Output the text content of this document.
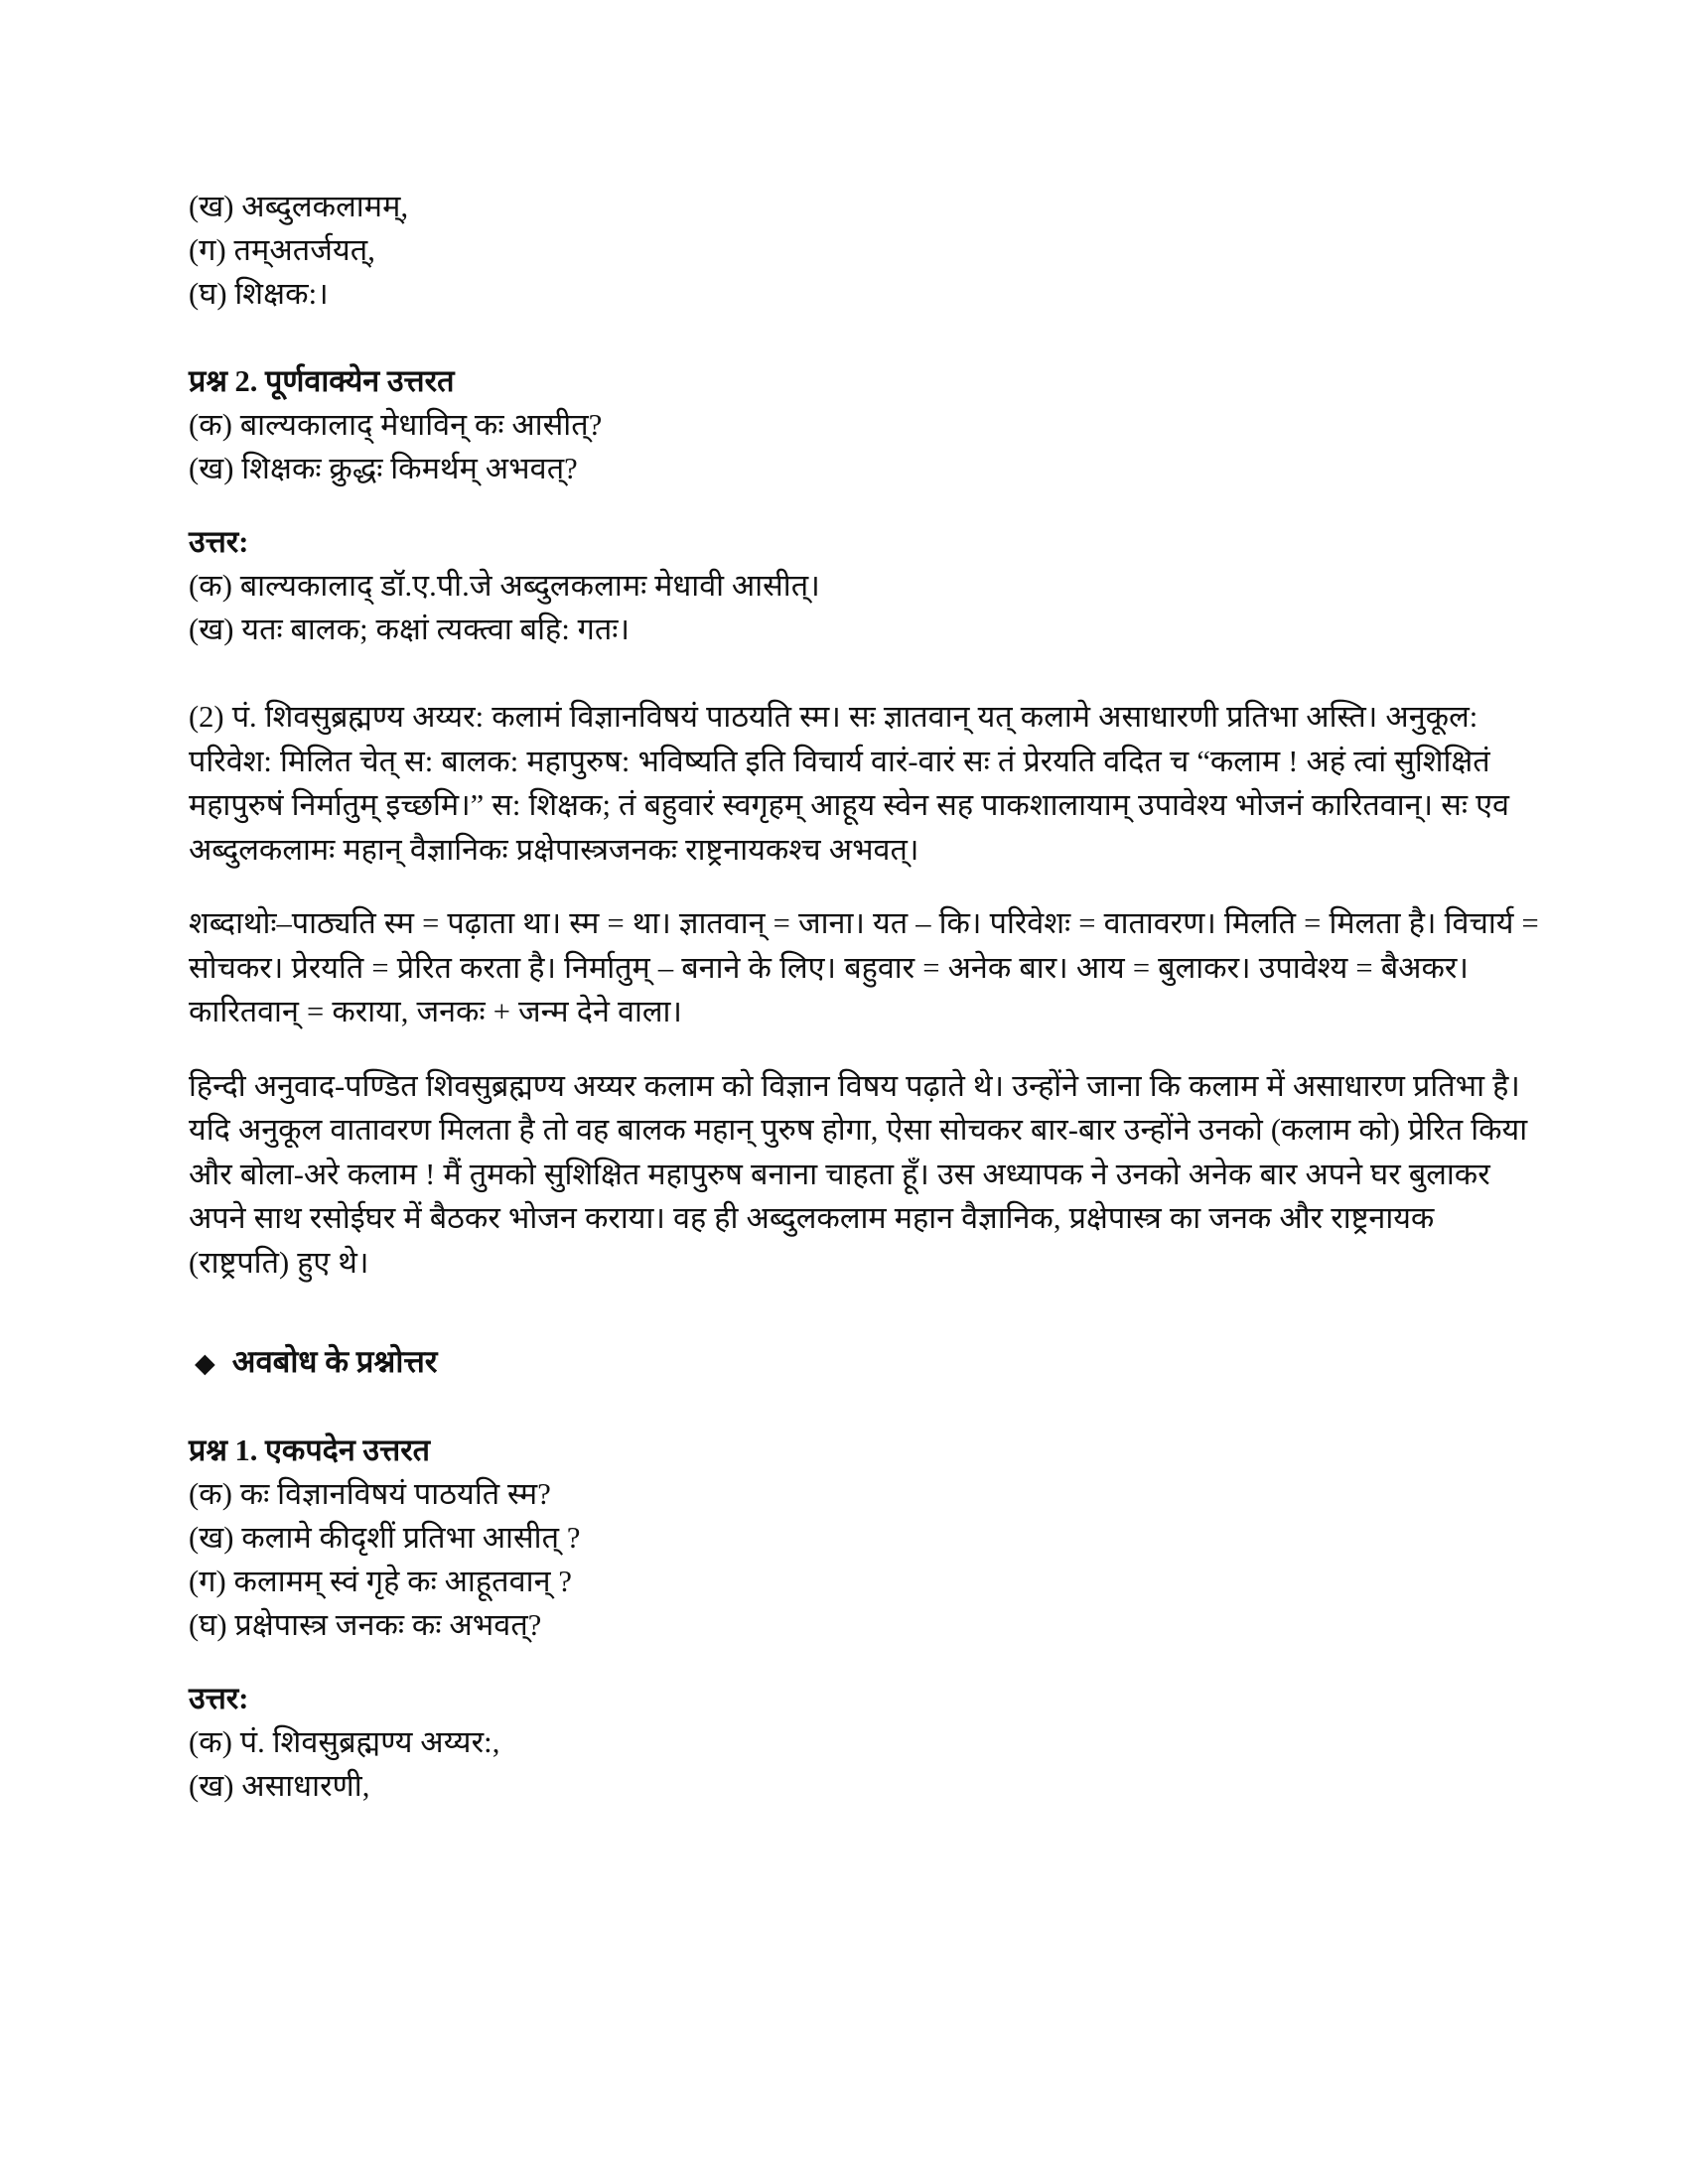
(ख) अब्दुलकलामम्,
(ग) तम्अतर्जयत्,
(घ) शिक्षक:।
प्रश्न 2. पूर्णवाक्येन उत्तरत
(क) बाल्यकालाद् मेधाविन् कः आसीत्?
(ख) शिक्षकः क्रुद्धः किमर्थम् अभवत्?
उत्तर:
(क) बाल्यकालाद् डॉ.ए.पी.जे अब्दुलकलामः मेधावी आसीत्।
(ख) यतः बालक; कक्षां त्यक्त्वा बहि: गतः।
(2) पं. शिवसुब्रह्मण्य अय्यर: कलामं विज्ञानविषयं पाठयति स्म। सः ज्ञातवान् यत् कलामे असाधारणी प्रतिभा अस्ति। अनुकूल: परिवेश: मिलित चेत् स: बालक: महापुरुष: भविष्यति इति विचार्य वारं-वारं सः तं प्रेरयति वदित च “कलाम ! अहं त्वां सुशिक्षितं महापुरुषं निर्मातुम् इच्छमि।” स: शिक्षक; तं बहुवारं स्वगृहम् आहूय स्वेन सह पाकशालायाम् उपावेश्य भोजनं कारितवान्। सः एव अब्दुलकलामः महान् वैज्ञानिकः प्रक्षेपास्त्रजनकः राष्ट्रनायकश्च अभवत्।
शब्दाथोः–पाठ्यति स्म = पढ़ाता था। स्म = था। ज्ञातवान् = जाना। यत – कि। परिवेशः = वातावरण। मिलति = मिलता है। विचार्य = सोचकर। प्रेरयति = प्रेरित करता है। निर्मातुम् – बनाने के लिए। बहुवार = अनेक बार। आय = बुलाकर। उपावेश्य = बैअकर। कारितवान् = कराया, जनकः + जन्म देने वाला।
हिन्दी अनुवाद-पण्डित शिवसुब्रह्मण्य अय्यर कलाम को विज्ञान विषय पढ़ाते थे। उन्होंने जाना कि कलाम में असाधारण प्रतिभा है। यदि अनुकूल वातावरण मिलता है तो वह बालक महान् पुरुष होगा, ऐसा सोचकर बार-बार उन्होंने उनको (कलाम को) प्रेरित किया और बोला-अरे कलाम ! मैं तुमको सुशिक्षित महापुरुष बनाना चाहता हूँ। उस अध्यापक ने उनको अनेक बार अपने घर बुलाकर अपने साथ रसोईघर में बैठकर भोजन कराया। वह ही अब्दुलकलाम महान वैज्ञानिक, प्रक्षेपास्त्र का जनक और राष्ट्रनायक (राष्ट्रपति) हुए थे।
◆ अवबोध के प्रश्नोत्तर
प्रश्न 1. एकपदेन उत्तरत
(क) कः विज्ञानविषयं पाठयति स्म?
(ख) कलामे कीदृशीं प्रतिभा आसीत् ?
(ग) कलामम् स्वं गृहे कः आहूतवान् ?
(घ) प्रक्षेपास्त्र जनकः कः अभवत्?
उत्तर:
(क) पं. शिवसुब्रह्मण्य अय्यर:,
(ख) असाधारणी,
